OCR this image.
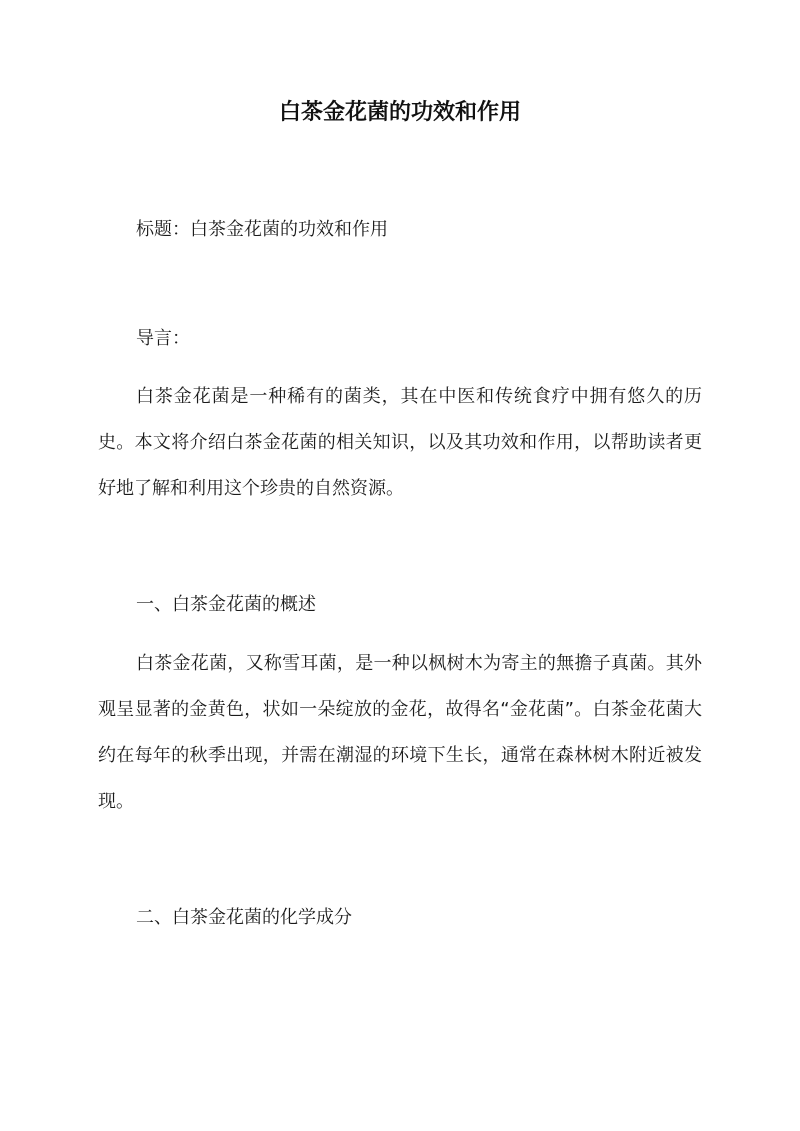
白茶金花菌的功效和作用
标题：白茶金花菌的功效和作用
导言：
白茶金花菌是一种稀有的菌类，其在中医和传统食疗中拥有悠久的历史。本文将介绍白茶金花菌的相关知识，以及其功效和作用，以帮助读者更好地了解和利用这个珍贵的自然资源。
一、白茶金花菌的概述
白茶金花菌，又称雪耳菌，是一种以枫树木为寄主的無擔子真菌。其外观呈显著的金黄色，状如一朵绽放的金花，故得名“金花菌”。白茶金花菌大约在每年的秋季出现，并需在潮湿的环境下生长，通常在森林树木附近被发现。
二、白茶金花菌的化学成分
